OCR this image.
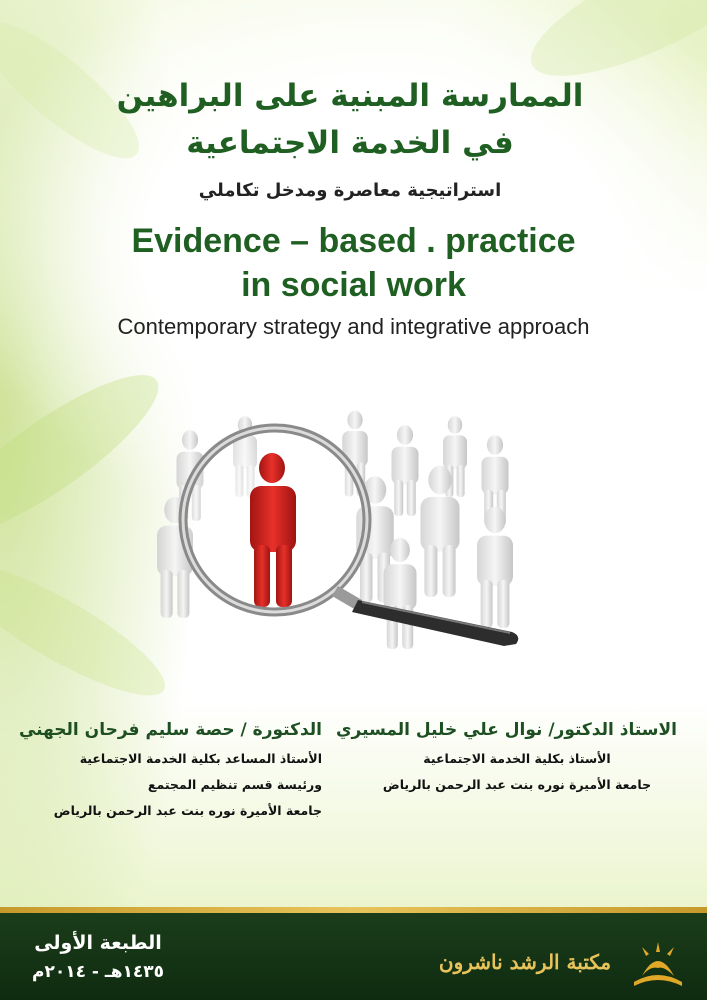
الممارسة المبنية على البراهين
في الخدمة الاجتماعية
استراتيجية معاصرة ومدخل تكاملي
Evidence – based . practice
in social work
Contemporary strategy and integrative approach
الاستاذ الدكتور/ نوال علي خليل المسيري
الأستاذ بكلية الخدمة الاجتماعية
جامعة الأميرة نوره بنت عبد الرحمن بالرياض
الدكتورة / حصة سليم فرحان الجهني
الأستاذ المساعد بكلية الخدمة الاجتماعية
ورئيسة قسم تنظيم المجتمع
جامعة الأميرة نوره بنت عبد الرحمن بالرياض
الطبعة الأولى
١٤٣٥هـ - ٢٠١٤م	مكتبة الرشد ناشرون
